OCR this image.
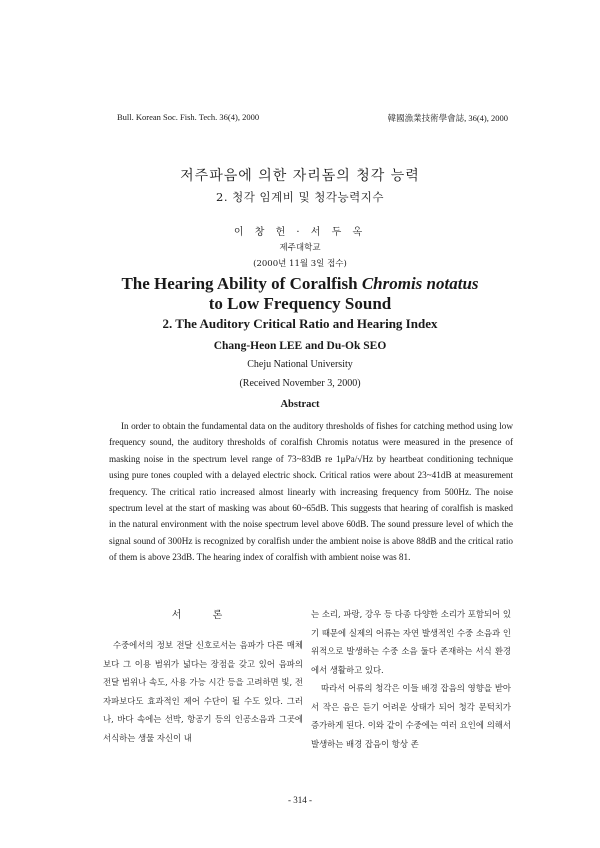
Bull. Korean Soc. Fish. Tech. 36(4), 2000	韓國漁業技術學會誌, 36(4), 2000
저주파음에 의한 자리돔의 청각 능력
2. 청각 임계비 및 청각능력지수
이 창 헌 · 서 두 옥
제주대학교
(2000년 11월 3일 접수)
The Hearing Ability of Coralfish Chromis notatus
to Low Frequency Sound
2. The Auditory Critical Ratio and Hearing Index
Chang-Heon LEE and Du-Ok SEO
Cheju National University
(Received November 3, 2000)
Abstract

In order to obtain the fundamental data on the auditory thresholds of fishes for catching method using low frequency sound, the auditory thresholds of coralfish Chromis notatus were measured in the presence of masking noise in the spectrum level range of 73~83dB re 1μPa/√Hz by heartbeat conditioning technique using pure tones coupled with a delayed electric shock. Critical ratios were about 23~41dB at measurement frequency. The critical ratio increased almost linearly with increasing frequency from 500Hz. The noise spectrum level at the start of masking was about 60~65dB. This suggests that hearing of coralfish is masked in the natural environment with the noise spectrum level above 60dB. The sound pressure level of which the signal sound of 300Hz is recognized by coralfish under the ambient noise is above 88dB and the critical ratio of them is above 23dB. The hearing index of coralfish with ambient noise was 81.

서 론

수중에서의 정보 전달 신호로서는 음파가 다른 매체보다 그 이용 범위가 넓다는 장점을 갖고 있어 음파의 전달 범위나 속도, 사용 가능 시간 등을 고려하면 빛, 전자파보다도 효과적인 제어 수단이 될 수도 있다. 그러나, 바다 속에는 선박, 항공기 등의 인공소음과 그곳에 서식하는 생물 자신이 내

는 소리, 파랑, 강우 등 다종 다양한 소리가 포함되어 있기 때문에 실제의 어류는 자연 발생적인 수중 소음과 인위적으로 발생하는 수중 소음 둘다 존재하는 서식 환경에서 생활하고 있다.

따라서 어류의 청각은 이들 배경 잡음의 영향을 받아서 작은 음은 듣기 어려운 상태가 되어 청각 문턱치가 증가하게 된다. 이와 같이 수중에는 여러 요인에 의해서 발생하는 배경 잡음이 항상 존

- 314 -
